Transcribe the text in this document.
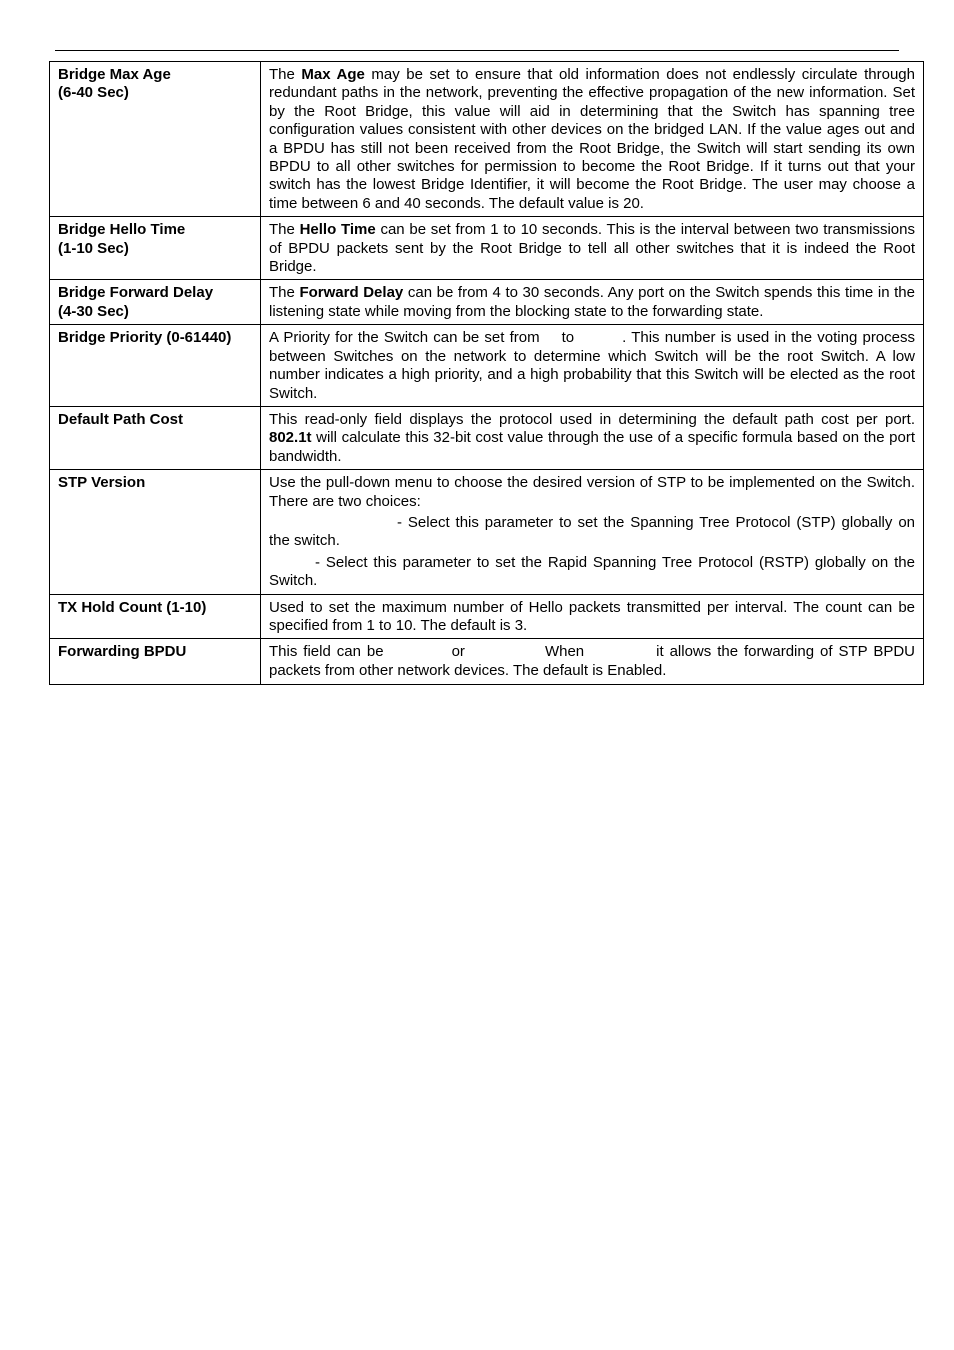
Bridge Max Age
(6-40 Sec)	The Max Age may be set to ensure that old information does not endlessly circulate through redundant paths in the network, preventing the effective propagation of the new information. Set by the Root Bridge, this value will aid in determining that the Switch has spanning tree configuration values consistent with other devices on the bridged LAN. If the value ages out and a BPDU has still not been received from the Root Bridge, the Switch will start sending its own BPDU to all other switches for permission to become the Root Bridge. If it turns out that your switch has the lowest Bridge Identifier, it will become the Root Bridge. The user may choose a time between 6 and 40 seconds. The default value is 20.

Bridge Hello Time
(1-10 Sec)	The Hello Time can be set from 1 to 10 seconds. This is the interval between two transmissions of BPDU packets sent by the Root Bridge to tell all other switches that it is indeed the Root Bridge.

Bridge Forward Delay
(4-30 Sec)	The Forward Delay can be from 4 to 30 seconds. Any port on the Switch spends this time in the listening state while moving from the blocking state to the forwarding state.

Bridge Priority (0-61440)	A Priority for the Switch can be set from to . This number is used in the voting process between Switches on the network to determine which Switch will be the root Switch. A low number indicates a high priority, and a high probability that this Switch will be elected as the root Switch.

Default Path Cost	This read-only field displays the protocol used in determining the default path cost per port. 802.1t will calculate this 32-bit cost value through the use of a specific formula based on the port bandwidth.

STP Version	Use the pull-down menu to choose the desired version of STP to be implemented on the Switch. There are two choices:
- Select this parameter to set the Spanning Tree Protocol (STP) globally on the switch.
- Select this parameter to set the Rapid Spanning Tree Protocol (RSTP) globally on the Switch.

TX Hold Count (1-10)	Used to set the maximum number of Hello packets transmitted per interval. The count can be specified from 1 to 10. The default is 3.

Forwarding BPDU	This field can be or When it allows the forwarding of STP BPDU packets from other network devices. The default is Enabled.
